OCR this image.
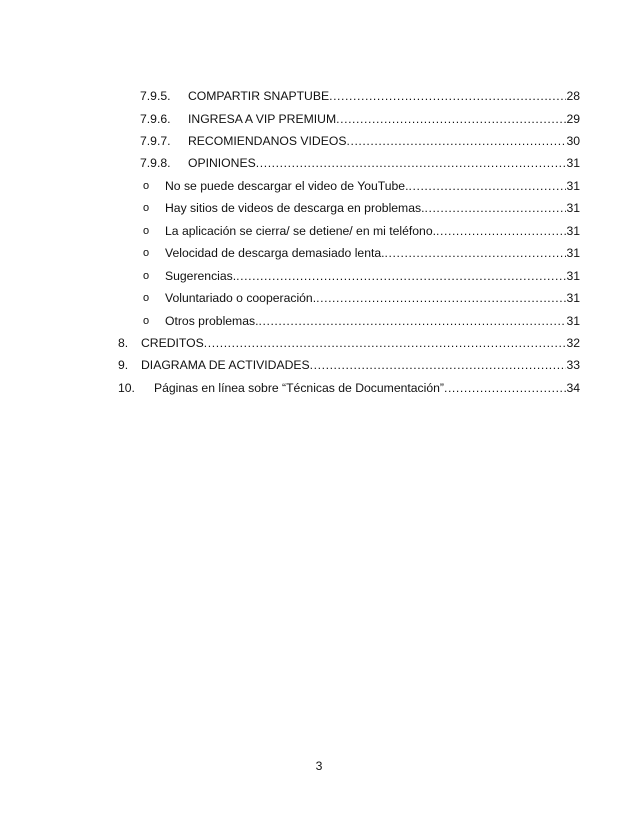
7.9.5. COMPARTIR SNAPTUBE .....	28
7.9.6. INGRESA A VIP PREMIUM .....	29
7.9.7. RECOMIENDANOS VIDEOS .....	30
7.9.8. OPINIONES .....	31
o No se puede descargar el video de YouTube. .....	31
o Hay sitios de videos de descarga en problemas. .....	31
o La aplicación se cierra/ se detiene/ en mi teléfono. .....	31
o Velocidad de descarga demasiado lenta. .....	31
o Sugerencias. .....	31
o Voluntariado o cooperación. .....	31
o Otros problemas. .....	31
8. CREDITOS .....	32
9. DIAGRAMA DE ACTIVIDADES .....	33
10. Páginas en línea sobre “Técnicas de Documentación” .....	34
3
